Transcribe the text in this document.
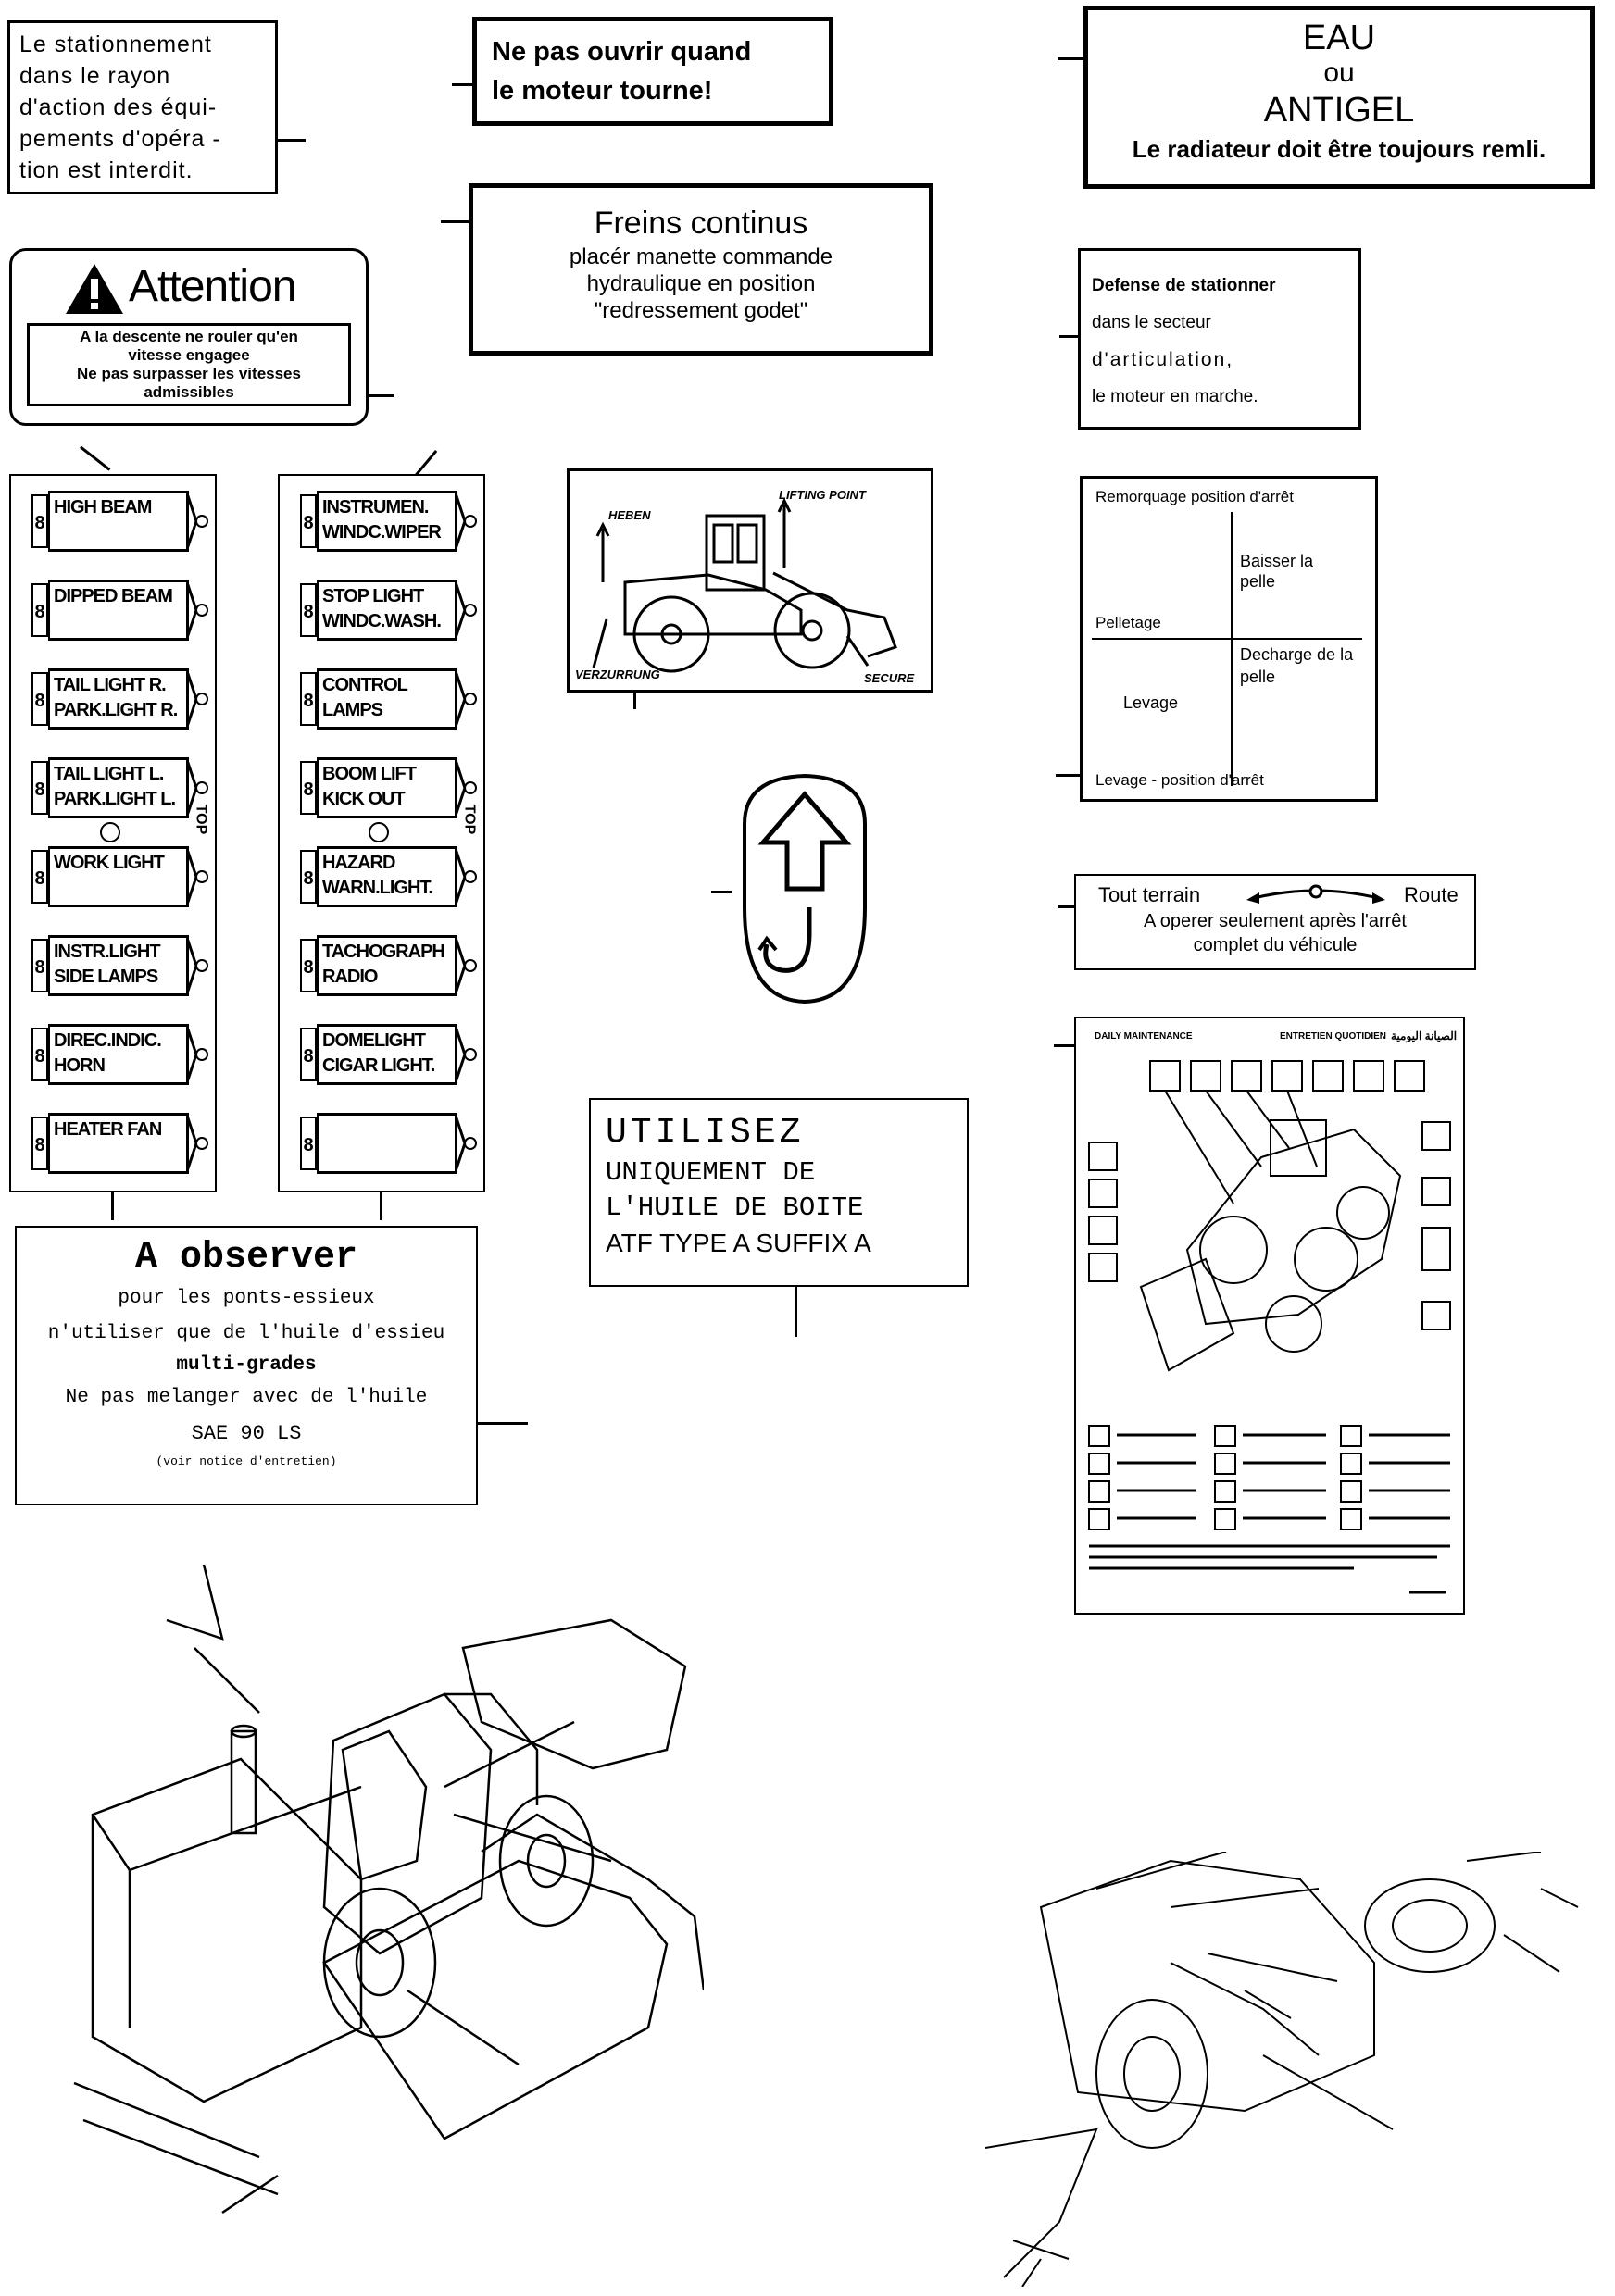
Le stationnement
dans le rayon
d'action des équi-
pements d'opéra -
tion est interdit.
Ne pas ouvrir quand
le moteur tourne!
EAU
ou
ANTIGEL
Le radiateur doit être toujours remli.
Freins continus
placér manette commande
hydraulique en position
"redressement godet"
Attention
A la descente ne rouler qu'en
vitesse engagee
Ne pas surpasser les vitesses
admissibles
Defense de stationner
dans le secteur
d'articulation,
le moteur en marche.
8
HIGH BEAM
8
DIPPED BEAM
8
TAIL LIGHT R. PARK.LIGHT R.
8
TAIL LIGHT L. PARK.LIGHT L.
TOP
8
WORK LIGHT
8
INSTR.LIGHT SIDE LAMPS
8
DIREC.INDIC. HORN
8
HEATER FAN
8
INSTRUMEN. WINDC.WIPER
8
STOP LIGHT WINDC.WASH.
8
CONTROL LAMPS
8
BOOM LIFT KICK OUT
TOP
8
HAZARD WARN.LIGHT.
8
TACHOGRAPH RADIO
8
DOMELIGHT CIGAR LIGHT.
8
HEBEN
LIFTING POINT
VERZURRUNG	SECURE
Remorquage position d'arrêt
Baisser la pelle
Pelletage
Decharge de la pelle
Levage
Levage - position d'arrêt
Tout terrain	Route
A operer seulement après l'arrêt
complet du véhicule
DAILY MAINTENANCE	ENTRETIEN QUOTIDIEN الصيانة اليومية
UTILISEZ
UNIQUEMENT DE
L'HUILE DE BOITE
ATF TYPE A SUFFIX A
A observer
pour les ponts-essieux
n'utiliser que de l'huile d'essieu
multi-grades
Ne pas melanger avec de l'huile
SAE 90 LS
(voir notice d'entretien)
